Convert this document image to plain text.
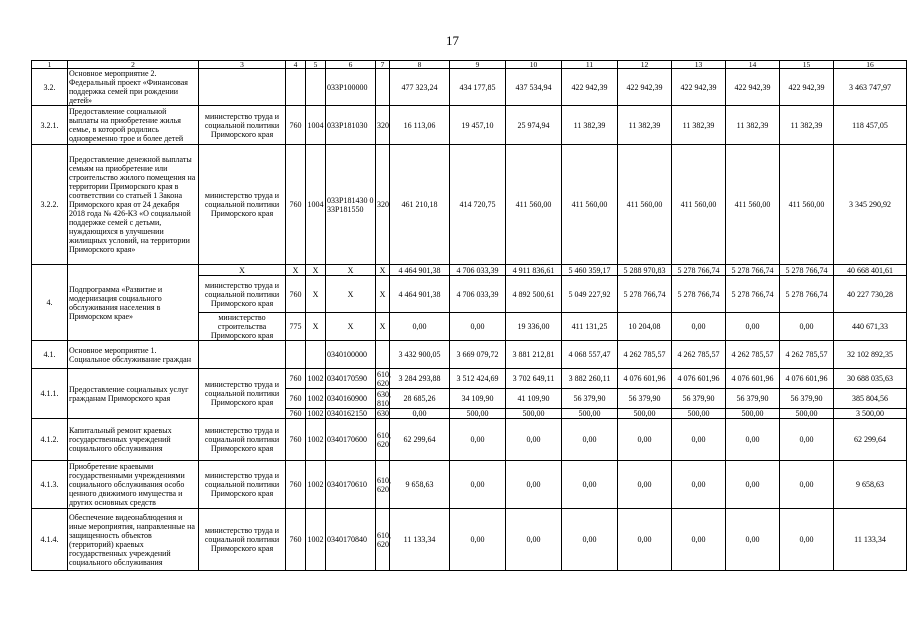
17
1	2	3	4	5	6	7	8	9	10	11	12	13	14	15	16
3.2.	Основное мероприятие 2. Федеральный проект «Финансовая поддержка семей при рождении детей»				033P100000		477 323,24	434 177,85	437 534,94	422 942,39	422 942,39	422 942,39	422 942,39	422 942,39	3 463 747,97
3.2.1.	Предоставление социальной выплаты на приобретение жилья семье, в которой родились одновременно трое и более детей	министерство труда и социальной политики Приморского края	760	1004	033P181030	320	16 113,06	19 457,10	25 974,94	11 382,39	11 382,39	11 382,39	11 382,39	11 382,39	118 457,05
3.2.2.	Предоставление денежной выплаты семьям на приобретение или строительство жилого помещения на территории Приморского края в соответствии со статьей 1 Закона Приморского края от 24 декабря 2018 года № 426-КЗ «О социальной поддержке семей с детьми, нуждающихся в улучшении жилищных условий, на территории Приморского края»	министерство труда и социальной политики Приморского края	760	1004	033P181430 033P181550	320	461 210,18	414 720,75	411 560,00	411 560,00	411 560,00	411 560,00	411 560,00	411 560,00	3 345 290,92
4.	Подпрограмма «Развитие и модернизация социального обслуживания населения в Приморском крае»	X	X	X	X	X	4 464 901,38	4 706 033,39	4 911 836,61	5 460 359,17	5 288 970,83	5 278 766,74	5 278 766,74	5 278 766,74	40 668 401,61
		министерство труда и социальной политики Приморского края	760	X	X	X	4 464 901,38	4 706 033,39	4 892 500,61	5 049 227,92	5 278 766,74	5 278 766,74	5 278 766,74	5 278 766,74	40 227 730,28
		министерство строительства Приморского края	775	X	X	X	0,00	0,00	19 336,00	411 131,25	10 204,08	0,00	0,00	0,00	440 671,33
4.1.	Основное мероприятие 1. Социальное обслуживание граждан				0340100000		3 432 900,05	3 669 079,72	3 881 212,81	4 068 557,47	4 262 785,57	4 262 785,57	4 262 785,57	4 262 785,57	32 102 892,35
4.1.1.	Предоставление социальных услуг гражданам Приморского края	министерство труда и социальной политики Приморского края	760	1002	0340170590	610, 620	3 284 293,88	3 512 424,69	3 702 649,11	3 882 260,11	4 076 601,96	4 076 601,96	4 076 601,96	4 076 601,96	30 688 035,63
			760	1002	0340160900	630, 810	28 685,26	34 109,90	41 109,90	56 379,90	56 379,90	56 379,90	56 379,90	56 379,90	385 804,56
			760	1002	0340162150	630	0,00	500,00	500,00	500,00	500,00	500,00	500,00	500,00	3 500,00
4.1.2.	Капитальный ремонт краевых государственных учреждений социального обслуживания	министерство труда и социальной политики Приморского края	760	1002	0340170600	610, 620	62 299,64	0,00	0,00	0,00	0,00	0,00	0,00	0,00	62 299,64
4.1.3.	Приобретение краевыми государственными учреждениями социального обслуживания особо ценного движимого имущества и других основных средств	министерство труда и социальной политики Приморского края	760	1002	0340170610	610, 620	9 658,63	0,00	0,00	0,00	0,00	0,00	0,00	0,00	9 658,63
4.1.4.	Обеспечение видеонаблюдения и иные мероприятия, направленные на защищенность объектов (территорий) краевых государственных учреждений социального обслуживания	министерство труда и социальной политики Приморского края	760	1002	0340170840	610, 620	11 133,34	0,00	0,00	0,00	0,00	0,00	0,00	0,00	11 133,34
